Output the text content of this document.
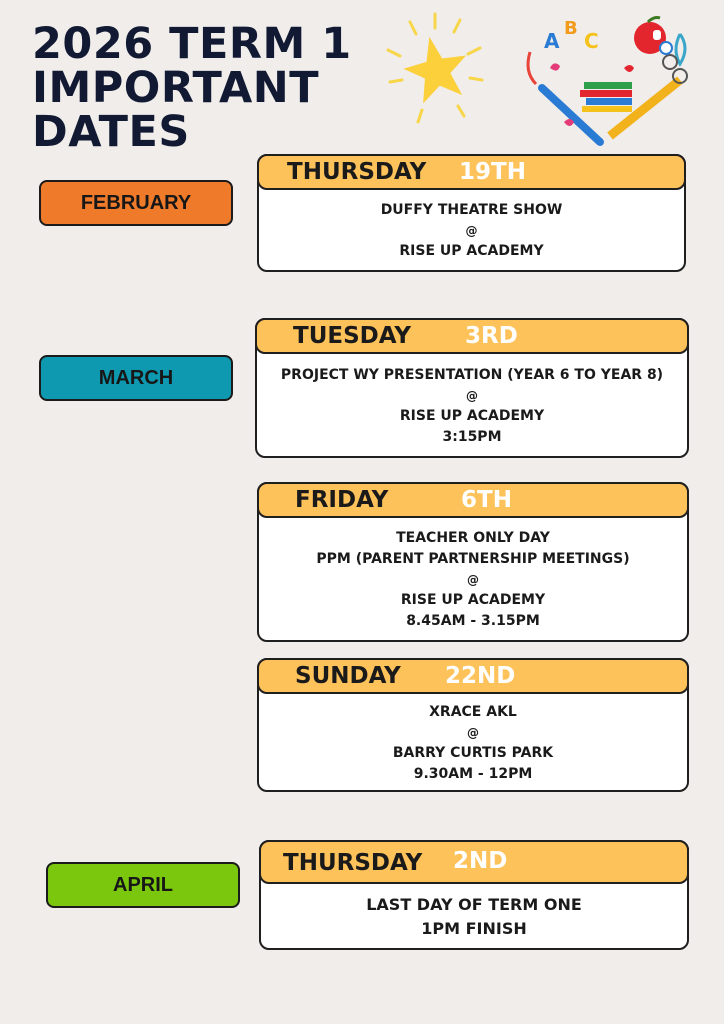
2026 TERM 1
IMPORTANT
DATES
A
B
C
FEBRUARY
MARCH
APRIL
THURSDAY 19TH
DUFFY THEATRE SHOW
@
RISE UP ACADEMY
TUESDAY 3RD
PROJECT WY PRESENTATION (YEAR 6 TO YEAR 8)
@
RISE UP ACADEMY
3:15PM
FRIDAY	6TH
TEACHER ONLY DAY
PPM (PARENT PARTNERSHIP MEETINGS)
@
RISE UP ACADEMY
8.45AM - 3.15PM
SUNDAY 22ND
XRACE AKL
@
BARRY CURTIS PARK
9.30AM - 12PM
THURSDAY 2ND
LAST DAY OF TERM ONE
1PM FINISH
